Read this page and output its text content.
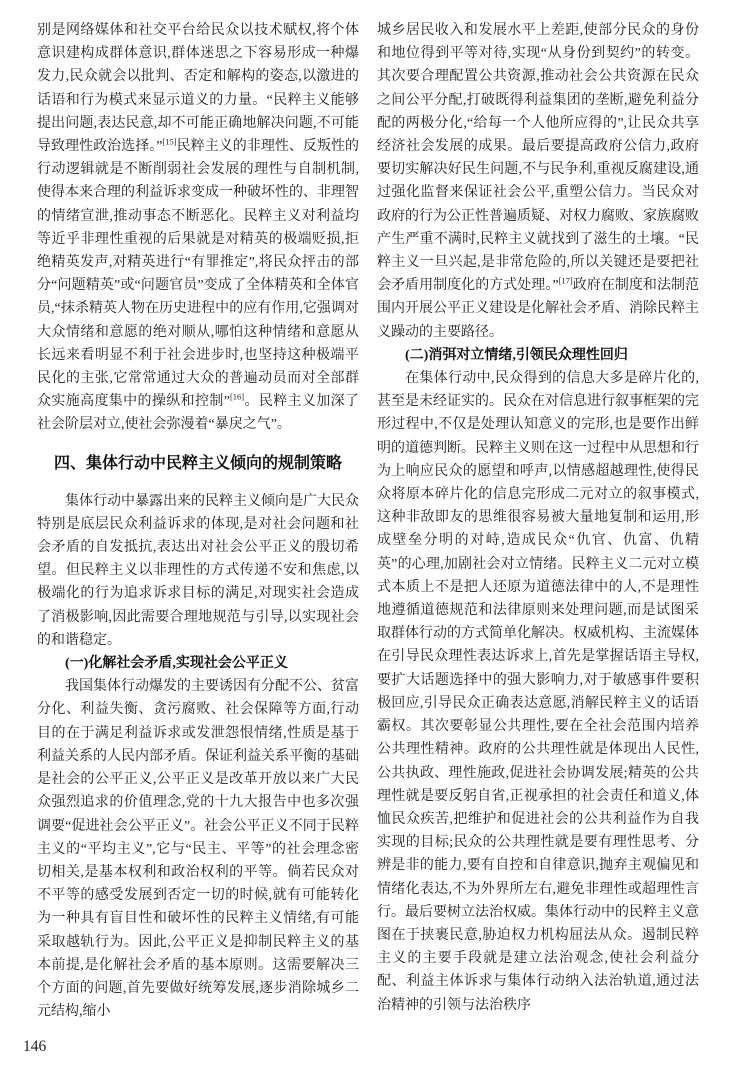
别是网络媒体和社交平台给民众以技术赋权,将个体意识建构成群体意识,群体迷思之下容易形成一种爆发力,民众就会以批判、否定和解构的姿态,以激进的话语和行为模式来显示道义的力量。“民粹主义能够提出问题,表达民意,却不可能正确地解决问题,不可能导致理性政治选择。”[15]民粹主义的非理性、反叛性的行动逻辑就是不断削弱社会发展的理性与自制机制,使得本来合理的利益诉求变成一种破坏性的、非理智的情绪宣泄,推动事态不断恶化。民粹主义对利益均等近乎非理性重视的后果就是对精英的极端贬损,拒绝精英发声,对精英进行“有罪推定”,将民众抨击的部分“问题精英”或“问题官员”变成了全体精英和全体官员,“抹杀精英人物在历史进程中的应有作用,它强调对大众情绪和意愿的绝对顺从,哪怕这种情绪和意愿从长远来看明显不利于社会进步时,也坚持这种极端平民化的主张,它常常通过大众的普遍动员而对全部群众实施高度集中的操纵和控制”[16]。民粹主义加深了社会阶层对立,使社会弥漫着“暴戾之气”。

四、集体行动中民粹主义倾向的规制策略

集体行动中暴露出来的民粹主义倾向是广大民众特别是底层民众利益诉求的体现,是对社会问题和社会矛盾的自发抵抗,表达出对社会公平正义的殷切希望。但民粹主义以非理性的方式传递不安和焦虑,以极端化的行为追求诉求目标的满足,对现实社会造成了消极影响,因此需要合理地规范与引导,以实现社会的和谐稳定。

(一)化解社会矛盾,实现社会公平正义

我国集体行动爆发的主要诱因有分配不公、贫富分化、利益失衡、贪污腐败、社会保障等方面,行动目的在于满足利益诉求或发泄怨恨情绪,性质是基于利益关系的人民内部矛盾。保证利益关系平衡的基础是社会的公平正义,公平正义是改革开放以来广大民众强烈追求的价值理念,党的十九大报告中也多次强调要“促进社会公平正义”。社会公平正义不同于民粹主义的“平均主义”,它与“民主、平等”的社会理念密切相关,是基本权利和政治权利的平等。倘若民众对不平等的感受发展到否定一切的时候,就有可能转化为一种具有盲目性和破坏性的民粹主义情绪,有可能采取越轨行为。因此,公平正义是抑制民粹主义的基本前提,是化解社会矛盾的基本原则。这需要解决三个方面的问题,首先要做好统筹发展,逐步消除城乡二元结构,缩小

城乡居民收入和发展水平上差距,使部分民众的身份和地位得到平等对待,实现“从身份到契约”的转变。其次要合理配置公共资源,推动社会公共资源在民众之间公平分配,打破既得利益集团的垄断,避免利益分配的两极分化,“给每一个人他所应得的”,让民众共享经济社会发展的成果。最后要提高政府公信力,政府要切实解决好民生问题,不与民争利,重视反腐建设,通过强化监督来保证社会公平,重塑公信力。当民众对政府的行为公正性普遍质疑、对权力腐败、家族腐败产生严重不满时,民粹主义就找到了滋生的土壤。“民粹主义一旦兴起,是非常危险的,所以关键还是要把社会矛盾用制度化的方式处理。”[17]政府在制度和法制范围内开展公平正义建设是化解社会矛盾、消除民粹主义躁动的主要路径。

(二)消弭对立情绪,引领民众理性回归

在集体行动中,民众得到的信息大多是碎片化的,甚至是未经证实的。民众在对信息进行叙事框架的完形过程中,不仅是处理认知意义的完形,也是要作出鲜明的道德判断。民粹主义则在这一过程中从思想和行为上响应民众的愿望和呼声,以情感超越理性,使得民众将原本碎片化的信息完形成二元对立的叙事模式,这种非敌即友的思维很容易被大量地复制和运用,形成壁垒分明的对峙,造成民众“仇官、仇富、仇精英”的心理,加剧社会对立情绪。民粹主义二元对立模式本质上不是把人还原为道德法律中的人,不是理性地遵循道德规范和法律原则来处理问题,而是试图采取群体行动的方式简单化解决。权威机构、主流媒体在引导民众理性表达诉求上,首先是掌握话语主导权,要扩大话题选择中的强大影响力,对于敏感事件要积极回应,引导民众正确表达意愿,消解民粹主义的话语霸权。其次要彰显公共理性,要在全社会范围内培养公共理性精神。政府的公共理性就是体现出人民性,公共执政、理性施政,促进社会协调发展;精英的公共理性就是要反躬自省,正视承担的社会责任和道义,体恤民众疾苦,把维护和促进社会的公共利益作为自我实现的目标;民众的公共理性就是要有理性思考、分辨是非的能力,要有自控和自律意识,抛弃主观偏见和情绪化表达,不为外界所左右,避免非理性或超理性言行。最后要树立法治权威。集体行动中的民粹主义意图在于挟裹民意,胁迫权力机构屈法从众。遏制民粹主义的主要手段就是建立法治观念,使社会利益分配、利益主体诉求与集体行动纳入法治轨道,通过法治精神的引领与法治秩序

146
